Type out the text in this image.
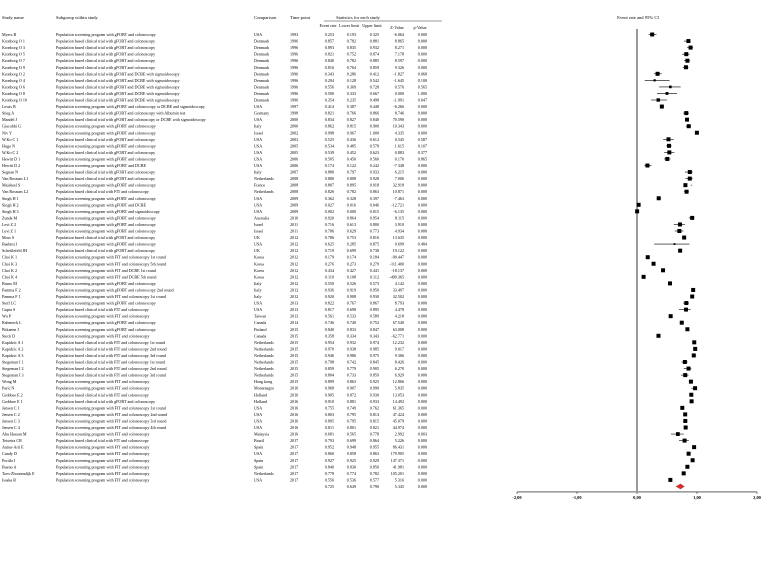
Study name	Subgroup within study	Comparison	Time point	Statistics for each study
Event rate Lower limit Upper limit Z-Value p-Value
Event rate and 95% CI
Myers R	Population screening program with gFOBT and colonoscopy	USA	1993	0.253	0.193	0.325	-6.064	0.000
Kronborg O 1	Population based clinical trial with gFOBT and colonoscopy	Denmark	1996	0.857	0.782	0.881	8.865	0.000
Kronborg O 3	Population based clinical trial with gFOBT and colonoscopy	Denmark	1996	0.893	0.835	0.932	8.271	0.000
Kronborg O 5	Population based clinical trial with gFOBT and colonoscopy	Denmark	1996	0.821	0.752	0.874	7.178	0.000
Kronborg O 7	Population based clinical trial with gFOBT and colonoscopy	Denmark	1996	0.840	0.782	0.885	8.597	0.000
Kronborg O 9	Population based clinical trial with gFOBT and colonoscopy	Denmark	1996	0.816	0.764	0.859	9.326	0.000
Kronborg O 2	Population based clinical trial with gFOBT and DCBE with sigmoidoscopy	Denmark	1996	0.343	0.286	0.412	-1.827	0.068
Kronborg O 4	Population based clinical trial with gFOBT and DCBE with sigmoidoscopy	Denmark	1996	0.294	0.128	0.542	-1.645	0.100
Kronborg O 6	Population based clinical trial with gFOBT and DCBE with sigmoidoscopy	Denmark	1996	0.556	0.369	0.728	0.576	0.565
Kronborg O 8	Population based clinical trial with gFOBT and DCBE with sigmoidoscopy	Denmark	1996	0.500	0.333	0.667	0.000	1.000
Kronborg O 10	Population based clinical trial with gFOBT and DCBE with sigmoidoscopy	Denmark	1996	0.354	0.235	0.498	-1.991	0.047
Lewis B	Population screening program with gFOBT and colonoscopy or DCBE and sigmoidoscopy	USA	1997	0.414	0.387	0.448	-6.266	0.000
Stieg A	Population based clinical trial with gFOBT and colonoscopy with Albumin test	Germany	1998	0.821	0.766	0.866	8.746	0.000
Mandel J	Population based clinical trial with gFOBT and colonoscopy or DCBE with sigmoidoscopy	USA	2000	0.834	0.827	0.840	70.590	0.000
Giacobbi G	Population screening program with gFOBT and colonoscopy	Italy	2000	0.862	0.815	0.900	10.343	0.000
Niv Y	Population screening program with gFOBT and colonoscopy	Israel	2002	0.998	0.967	1.000	4.335	0.000
W.Ko C 1	Population based clinical trial with gFOBT and colonoscopy	USA	2003	0.525	0.436	0.612	0.545	0.587
Hugo N	Population screening program with gFOBT and colonoscopy	USA	2005	0.534	0.485	0.578	1.615	0.107
W.Ko C 2	Population based clinical trial with gFOBT and colonoscopy	USA	2005	0.539	0.452	0.623	0.883	0.377
Hewitt D 1	Population screening program with gFOBT and colonoscopy	USA	2006	0.505	0.450	0.560	0.170	0.865
Hewitt D 2	Population screening program with gFOBT and DCBE	USA	2006	0.174	0.122	0.242	-7.348	0.000
Segnan N	Population based clinical trial with gFOBT and colonoscopy	Italy	2007	0.880	0.797	0.933	6.215	0.000
Van Rossum L1	Population based clinical trial with gFOBT and colonoscopy	Netherlands	2008	0.880	0.808	0.928	7.006	0.000
Maisheel S	Population screening program with gFOBT and colonoscopy	France	2008	0.807	0.895	0.918	32.918	0.000
Van Rossum L2	Population based clinical trial with FIT and colonoscopy	Netherlands	2008	0.826	0.782	0.863	10.871	0.000
Singh H 1	Population screening program with gFOBT and colonoscopy	USA	2009	0.362	0.328	0.397	-7.463	0.000
Singh H 2	Population screening program with gFOBT and DCBE	USA	2009	0.027	0.016	0.046	-12.721	0.000
Singh H 3	Population screening program with gFOBT and sigmoidoscopy	USA	2009	0.002	0.000	0.015	-6.135	0.000
Zunda M	Population screening program with gFOBT and colonoscopy	Australia	2010	0.920	0.864	0.954	8.115	0.000
Levi Z 2	Population screening program with gFOBT and colonoscopy	Israel	2011	0.716	0.613	0.800	3.910	0.000
Levi Z 1	Population screening program with gFOBT and colonoscopy	Israel	2011	0.706	0.629	0.773	4.934	0.000
Moss S	Population based clinical trial with gFOBT and colonoscopy	UK	2012	0.786	0.753	0.816	13.635	0.000
Baehmi J	Population screening program with gFOBT and colonoscopy	USA	2012	0.625	0.285	0.875	0.699	0.484
Scheitlefeld JH	Population based clinical trial with gFOBT and colonoscopy	UK	2012	0.719	0.699	0.738	19.122	0.000
Choi K 1	Population screening program with FIT and colonoscopy 1st round	Korea	2012	0.179	0.174	0.184	-90.447	0.000
Choi K 3	Population screening program with FIT and colonoscopy 5th round	Korea	2012	0.276	0.273	0.279	-111.400	0.000
Choi K 2	Population screening program with FIT and DCBE 1st round	Korea	2012	0.434	0.427	0.441	-18.137	0.000
Choi K 4	Population screening program with FIT and DCBE 5th round	Korea	2012	0.110	0.108	0.112	-499.365	0.000
Bruno M	Population screening program with gFOBT and colonoscopy	Italy	2012	0.550	0.526	0.573	4.142	0.000
Pamma F 2	Population screening program with gFOBT and colonoscopy 2nd round	Italy	2012	0.936	0.919	0.950	33.497	0.000
Pamma F 1	Population screening program with FIT and colonoscopy 1st round	Italy	2012	0.920	0.908	0.930	32.502	0.000
Steff LC	Population screening program with gFOBT and colonoscopy	USA	2013	0.822	0.767	0.867	8.793	0.000
Gupta S	Population based clinical trial with FIT and colonoscopy	USA	2013	0.817	0.698	0.895	4.478	0.000
Wu P	Population screening program with FIT and colonoscopy	Taiwan	2013	0.561	0.533	0.589	4.218	0.000
Rabeneck L	Population screening program with gFOBT and colonoscopy	Canada	2014	0.746	0.740	0.752	67.540	0.000
Pitkanen J	Population screening program with gFOBT and colonoscopy	Finland	2015	0.840	0.833	0.847	63.008	0.000
Steck D	Population screening program with FIT and colonoscopy	Canada	2015	0.358	0.334	0.343	-62.771	0.000
Kapidzic A 1	Population based clinical trial with FIT and colonoscopy 1st round	Netherlands	2015	0.954	0.932	0.974	12.232	0.000
Kapidzic A 2	Population based clinical trial with FIT and colonoscopy 2nd round	Netherlands	2015	0.970	0.938	0.985	9.017	0.000
Kapidzic A 3	Population based clinical trial with FIT and colonoscopy 3rd round	Netherlands	2015	0.946	0.986	0.975	9.366	0.000
Stegeman I 1	Population based clinical trial with FIT and colonoscopy 1st round	Netherlands	2015	0.798	0.742	0.845	8.426	0.000
Stegeman I 2	Population based clinical trial with FIT and colonoscopy 2nd round	Netherlands	2015	0.859	0.779	0.905	6.270	0.000
Stegeman I 3	Population based clinical trial with FIT and colonoscopy 3rd round	Netherlands	2015	0.804	0.733	0.859	6.929	0.000
Wong M	Population screening program with FIT and colonoscopy	Hong kong	2015	0.899	0.863	0.925	12.866	0.000
Paric N	Population screening program with FIT and colonoscopy	Montenegro	2016	0.968	0.907	0.990	5.835	0.000
Grobbee E 2	Population based clinical trial with FIT and colonoscopy	Holland	2016	0.905	0.872	0.930	13.053	0.000
Grobbee E 1	Population based clinical trial with gFOBT and colonoscopy	Holland	2016	0.910	0.881	0.933	14.492	0.000
Jensen C 1	Population screening program with FIT and colonoscopy 1st round	USA	2016	0.755	0.749	0.762	61.365	0.000
Jensen C 2	Population screening program with FIT and colonoscopy 2nd round	USA	2016	0.803	0.795	0.814	47.424	0.000
Jensen C 3	Population screening program with FIT and colonoscopy 3rd round	USA	2016	0.805	0.795	0.815	45.079	0.000
Jensen C 4	Population screening program with FIT and colonoscopy 4th round	USA	2016	0.811	0.801	0.821	44.974	0.000
Abu Hassan M	Population screening program with FIT and colonoscopy	Malaysia	2016	0.681	0.565	0.778	2.992	0.003
Teixeira CR	Population based clinical trial with FIT and colonoscopy	Brazil	2017	0.793	0.699	0.864	5.226	0.000
Aunar-Arti E	Population screening program with FIT and colonoscopy	Spain	2017	0.952	0.948	0.955	86.431	0.000
Cundy D	Population screening program with FIT and colonoscopy	USA	2017	0.860	0.858	0.863	179.905	0.000
Portilo I	Population screening program with FIT and colonoscopy	Spain	2017	0.927	0.925	0.929	147.371	0.000
Bueno A	Population screening program with FIT and colonoscopy	Spain	2017	0.840	0.830	0.850	41.981	0.000
Toes-Zhoutendijk E	Population screening program with FIT and colonoscopy	Netherlands	2017	0.778	0.774	0.782	105.201	0.000
Issaka R	Population screening program with FIT and colonoscopy	USA	2017	0.556	0.536	0.577	5.316	0.000
0.725	0.649	0.790	5.345	0.000
-2,00	-1,00	0,00	1,00	2,00
